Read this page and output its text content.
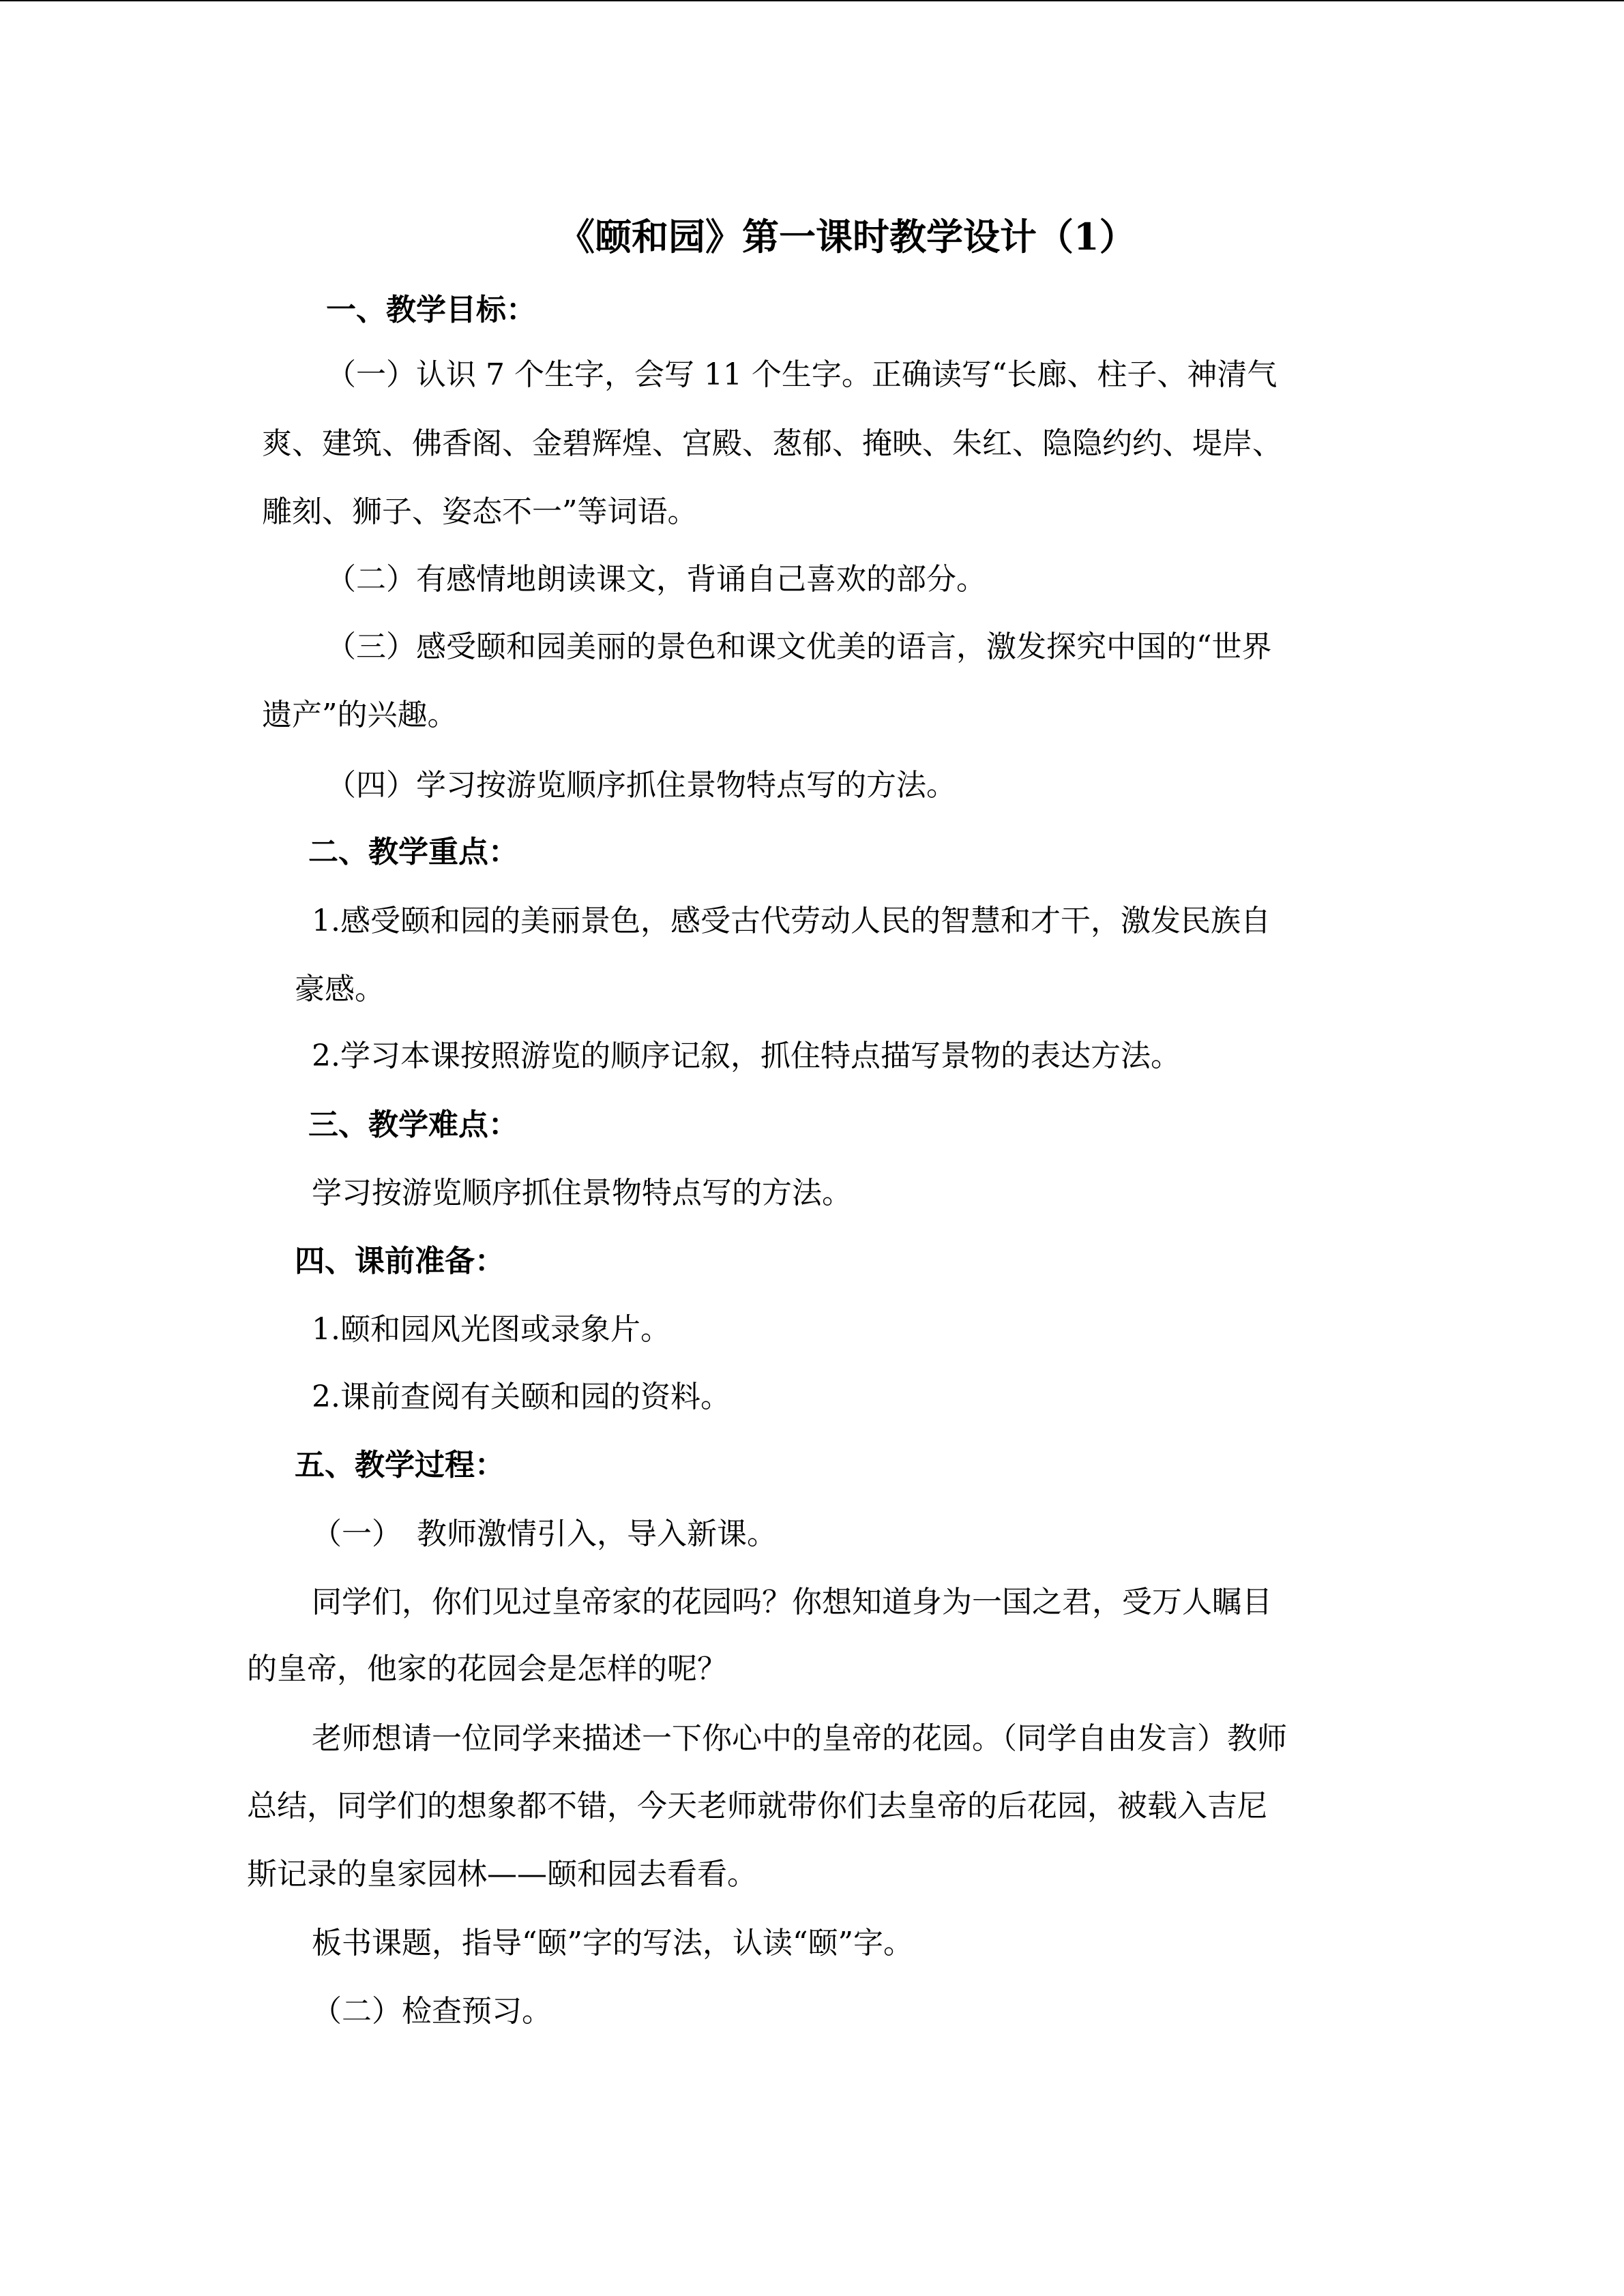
《颐和园》第一课时教学设计（1）
一、教学目标：
（一）认识 7 个生字，会写 11 个生字。正确读写“长廊、柱子、神清气
爽、建筑、佛香阁、金碧辉煌、宫殿、葱郁、掩映、朱红、隐隐约约、堤岸、
雕刻、狮子、姿态不一”等词语。
（二）有感情地朗读课文，背诵自己喜欢的部分。
（三）感受颐和园美丽的景色和课文优美的语言，激发探究中国的“世界
遗产”的兴趣。
（四）学习按游览顺序抓住景物特点写的方法。
二、教学重点：
1.感受颐和园的美丽景色，感受古代劳动人民的智慧和才干，激发民族自
豪感。
2.学习本课按照游览的顺序记叙，抓住特点描写景物的表达方法。
三、教学难点：
学习按游览顺序抓住景物特点写的方法。
四、课前准备：
1.颐和园风光图或录象片。
2.课前查阅有关颐和园的资料。
五、教学过程：
（一）　教师激情引入，导入新课。
同学们，你们见过皇帝家的花园吗？你想知道身为一国之君，受万人瞩目
的皇帝，他家的花园会是怎样的呢？
老师想请一位同学来描述一下你心中的皇帝的花园。（同学自由发言）教师
总结，同学们的想象都不错，今天老师就带你们去皇帝的后花园，被载入吉尼
斯记录的皇家园林——颐和园去看看。
板书课题，指导“颐”字的写法，认读“颐”字。
（二）检查预习。
